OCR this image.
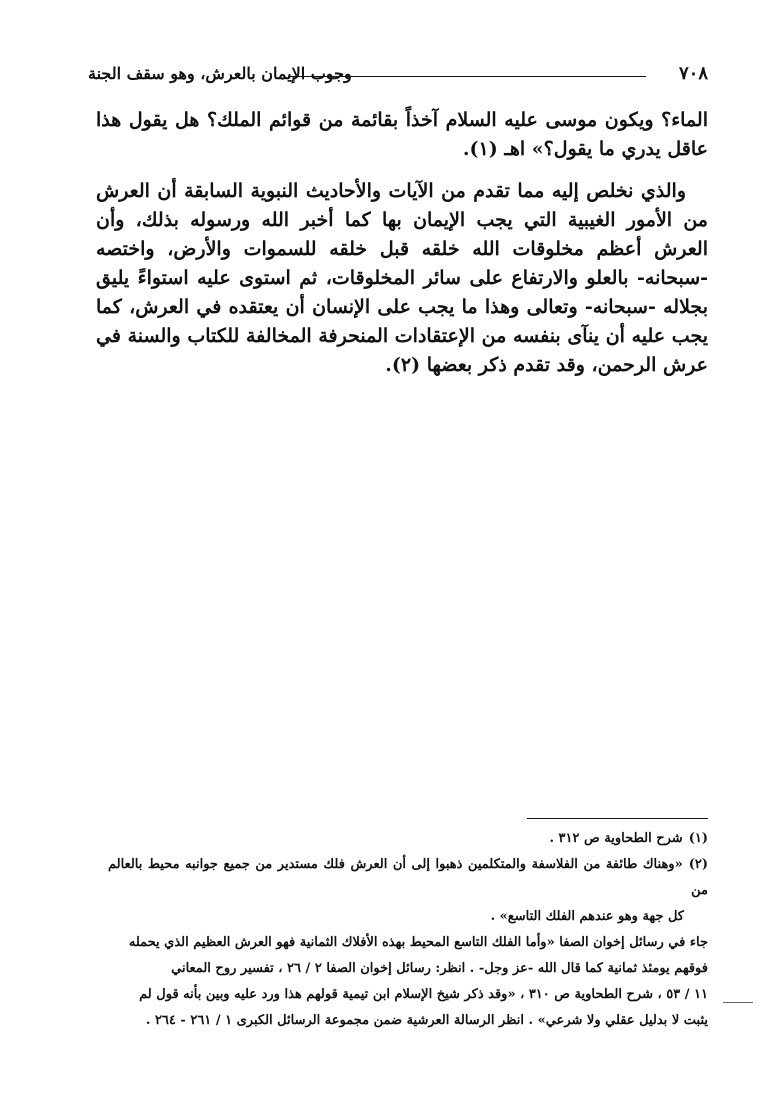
٧٠٨
وجوب الإيمان بالعرش، وهو سقف الجنة

الماء؟ ويكون موسى عليه السلام آخذاً بقائمة من قوائم الملك؟ هل يقول هذا عاقل يدري ما يقول؟» اهـ (١).

والذي نخلص إليه مما تقدم من الآيات والأحاديث النبوية السابقة أن العرش من الأمور الغيبية التي يجب الإيمان بها كما أخبر الله ورسوله بذلك، وأن العرش أعظم مخلوقات الله خلقه قبل خلقه للسموات والأرض، واختصه -سبحانه- بالعلو والارتفاع على سائر المخلوقات، ثم استوى عليه استواءً يليق بجلاله -سبحانه- وتعالى وهذا ما يجب على الإنسان أن يعتقده في العرش، كما يجب عليه أن ينآى بنفسه من الإعتقادات المنحرفة المخالفة للكتاب والسنة في عرش الرحمن، وقد تقدم ذكر بعضها (٢).

(١)شرح الطحاوية ص ٣١٢ .

(٢)«وهناك طائفة من الفلاسفة والمتكلمين ذهبوا إلى أن العرش فلك مستدير من جميع جوانبه محيط بالعالم من

كل جهة وهو عندهم الفلك التاسع» .

جاء في رسائل إخوان الصفا «وأما الفلك التاسع المحيط بهذه الأفلاك الثمانية فهو العرش العظيم الذي يحمله

فوقهم يومئذ ثمانية كما قال الله -عز وجل- . انظر: رسائل إخوان الصفا ٢ / ٢٦ ، تفسير روح المعاني

١١ / ٥٣ ، شرح الطحاوية ص ٣١٠ ، «وقد ذكر شيخ الإسلام ابن تيمية قولهم هذا ورد عليه وبين بأنه قول لم

يثبت لا بدليل عقلي ولا شرعي» . انظر الرسالة العرشية ضمن مجموعة الرسائل الكبرى ١ / ٢٦١ - ٢٦٤ .
